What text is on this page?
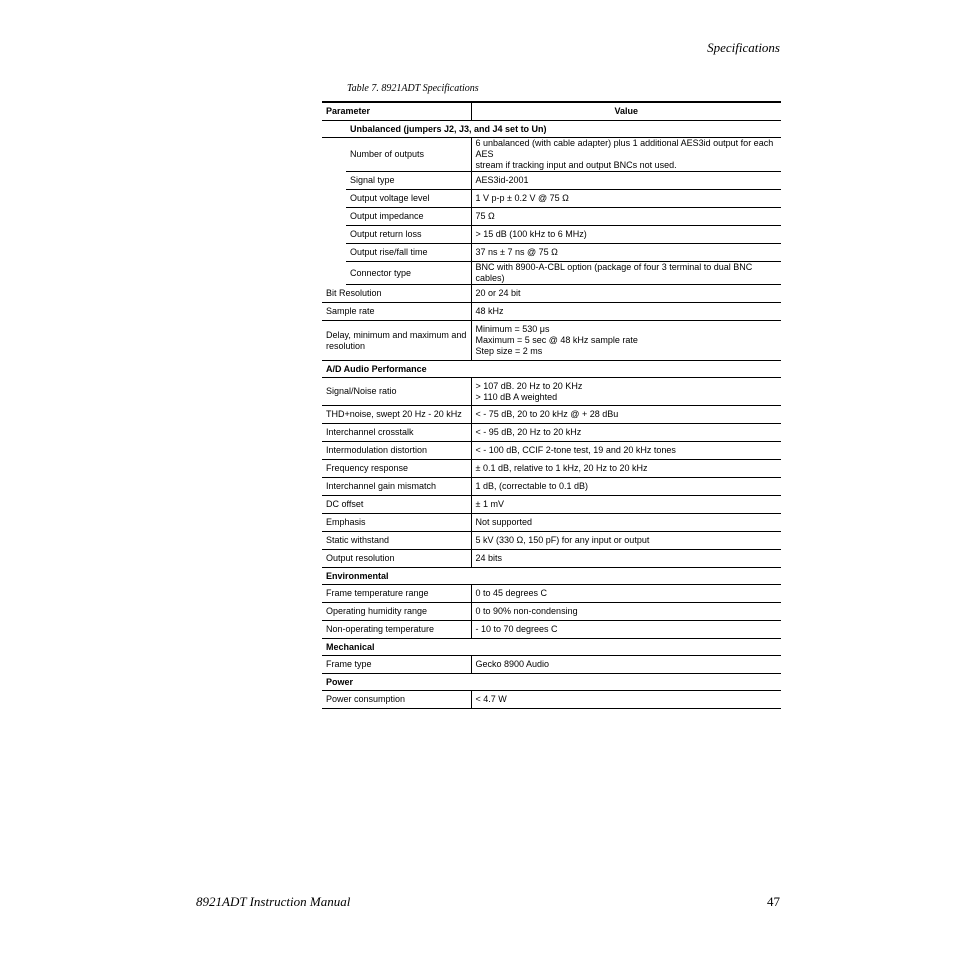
Specifications
Table 7. 8921ADT Specifications
Parameter	Value
Unbalanced (jumpers J2, J3, and J4 set to Un)	
Number of outputs	6 unbalanced (with cable adapter) plus 1 additional AES3id output for each AES
stream if tracking input and output BNCs not used.

Signal type	AES3id-2001
Output voltage level	1 V p-p ± 0.2 V @ 75 Ω
Output impedance	75 Ω
Output return loss	> 15 dB (100 kHz to 6 MHz)
Output rise/fall time	37 ns ± 7 ns @ 75 Ω
Connector type	BNC with 8900-A-CBL option (package of four 3 terminal to dual BNC cables)
Bit Resolution	20 or 24 bit
Sample rate	48 kHz

Delay, minimum and maximum and
resolution	Minimum = 530 μs
Maximum = 5 sec @ 48 kHz sample rate
Step size = 2 ms

A/D Audio Performance	
Signal/Noise ratio	> 107 dB. 20 Hz to 20 KHz
> 110 dB A weighted

THD+noise, swept 20 Hz - 20 kHz	< - 75 dB, 20 to 20 kHz @ + 28 dBu
Interchannel crosstalk	< - 95 dB, 20 Hz to 20 kHz
Intermodulation distortion	< - 100 dB, CCIF 2-tone test, 19 and 20 kHz tones
Frequency response	± 0.1 dB, relative to 1 kHz, 20 Hz to 20 kHz
Interchannel gain mismatch	1 dB, (correctable to 0.1 dB)
DC offset	± 1 mV
Emphasis	Not supported
Static withstand	5 kV (330 Ω, 150 pF) for any input or output
Output resolution	24 bits
Environmental	
Frame temperature range	0 to 45 degrees C
Operating humidity range	0 to 90% non-condensing
Non-operating temperature	- 10 to 70 degrees C
Mechanical	
Frame type	Gecko 8900 Audio
Power	
Power consumption	< 4.7 W
8921ADT Instruction Manual	47
